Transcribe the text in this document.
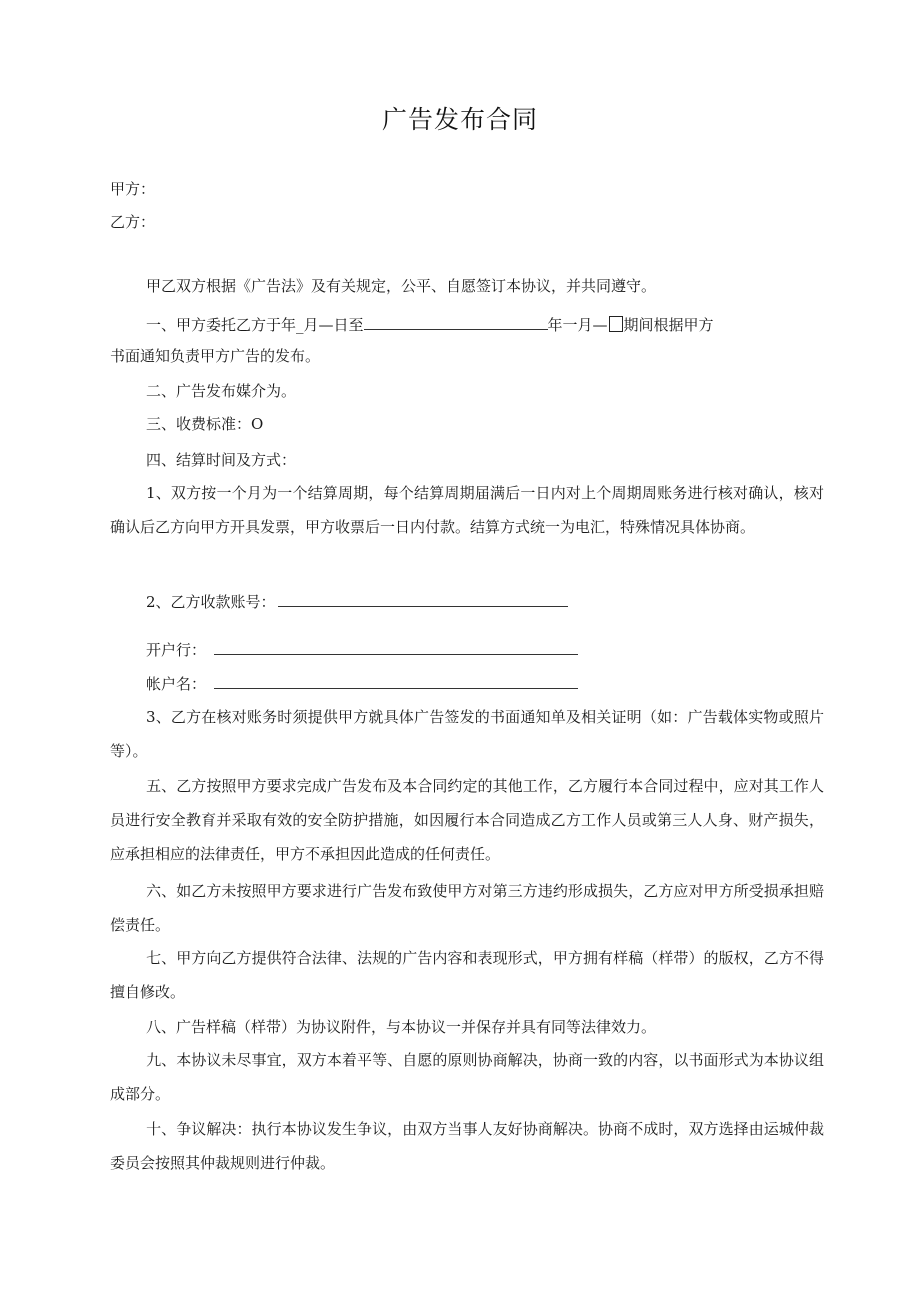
广告发布合同
甲方：
乙方：
甲乙双方根据《广告法》及有关规定，公平、自愿签订本协议，并共同遵守。
一、甲方委托乙方于年_月—日至	年一月— 期间根据甲方
书面通知负责甲方广告的发布。
二、广告发布媒介为。
三、收费标准：O
四、结算时间及方式：
1、双方按一个月为一个结算周期，每个结算周期届满后一日内对上个周期周账务进行核对确认，核对确认后乙方向甲方开具发票，甲方收票后一日内付款。结算方式统一为电汇，特殊情况具体协商。
2、乙方收款账号：
开户行：
帐户名：
3、乙方在核对账务时须提供甲方就具体广告签发的书面通知单及相关证明（如：广告载体实物或照片等）。
五、乙方按照甲方要求完成广告发布及本合同约定的其他工作，乙方履行本合同过程中，应对其工作人员进行安全教育并采取有效的安全防护措施，如因履行本合同造成乙方工作人员或第三人人身、财产损失，应承担相应的法律责任，甲方不承担因此造成的任何责任。
六、如乙方未按照甲方要求进行广告发布致使甲方对第三方违约形成损失，乙方应对甲方所受损承担赔偿责任。
七、甲方向乙方提供符合法律、法规的广告内容和表现形式，甲方拥有样稿（样带）的版权，乙方不得擅自修改。
八、广告样稿（样带）为协议附件，与本协议一并保存并具有同等法律效力。
九、本协议未尽事宜，双方本着平等、自愿的原则协商解决，协商一致的内容，以书面形式为本协议组成部分。
十、争议解决：执行本协议发生争议，由双方当事人友好协商解决。协商不成时，双方选择由运城仲裁委员会按照其仲裁规则进行仲裁。
